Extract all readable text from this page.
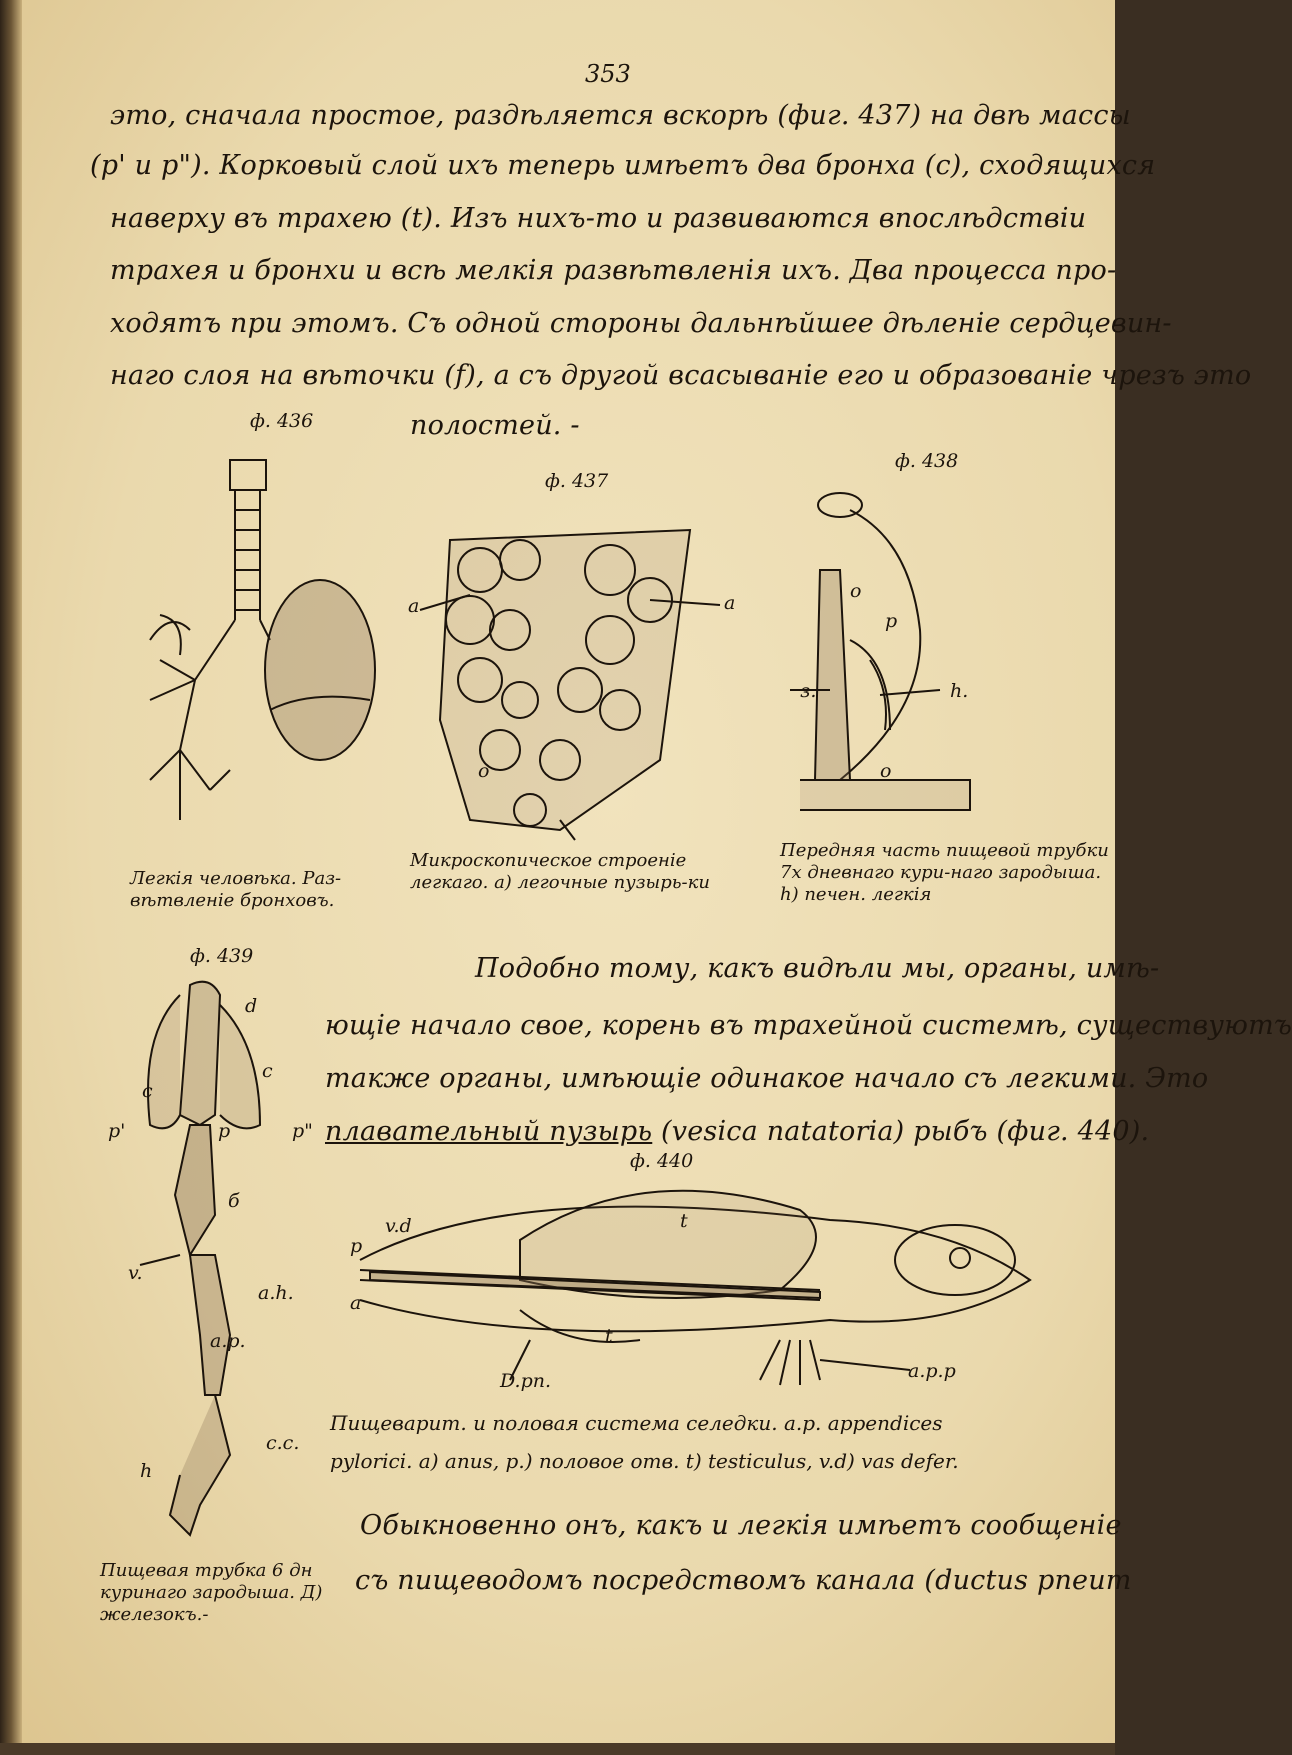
353
это, сначала простое, раздѣляется вскорѣ (фиг. 437) на двѣ массы
(р' и р"). Корковый слой ихъ теперь имѣетъ два бронха (с), сходящихся
наверху въ трахею (t). Изъ нихъ-то и развиваются впослѣдствіи
трахея и бронхи и всѣ мелкія развѣтвленія ихъ. Два процесса про-
ходятъ при этомъ. Съ одной стороны дальнѣйшее дѣленіе сердцевин-
наго слоя на вѣточки (f), а съ другой всасываніе его и образованіе чрезъ это
полостей. -
ф. 436
Легкія человѣка. Раз-вѣтвленіе бронховъ.
ф. 437
а	а
о
Микроскопическое строеніе легкаго. а) легочные пузырь-ки
ф. 438
о
р
з.	h.
о
Передняя часть пищевой трубки 7х дневнаго кури-наго зародыша. h) печен. легкія
Подобно тому, какъ видѣли мы, органы, имѣ-
ющіе начало свое, корень въ трахейной системѣ, существуютъ
также органы, имѣющіе одинакое начало съ легкими. Это
плавательный пузырь (vesica natatoria) рыбъ (фиг. 440).
ф. 439
d
c
c
p'	p	p"
б
v.
a.h.
a.p.
c.c.
h
Пищевая трубка 6 дн куринаго зародыша. Д) железокъ.-
ф. 440
v.d
p
a
t
t
D.pn.	a.p.p
Пищеварит. и половая система селедки. а.р. appendices
pylorici. a) anus, p.) половое отв. t) testiculus, v.d) vas defer.
Обыкновенно онъ, какъ и легкія имѣетъ сообщеніе
съ пищеводомъ посредствомъ канала (ductus pneum
